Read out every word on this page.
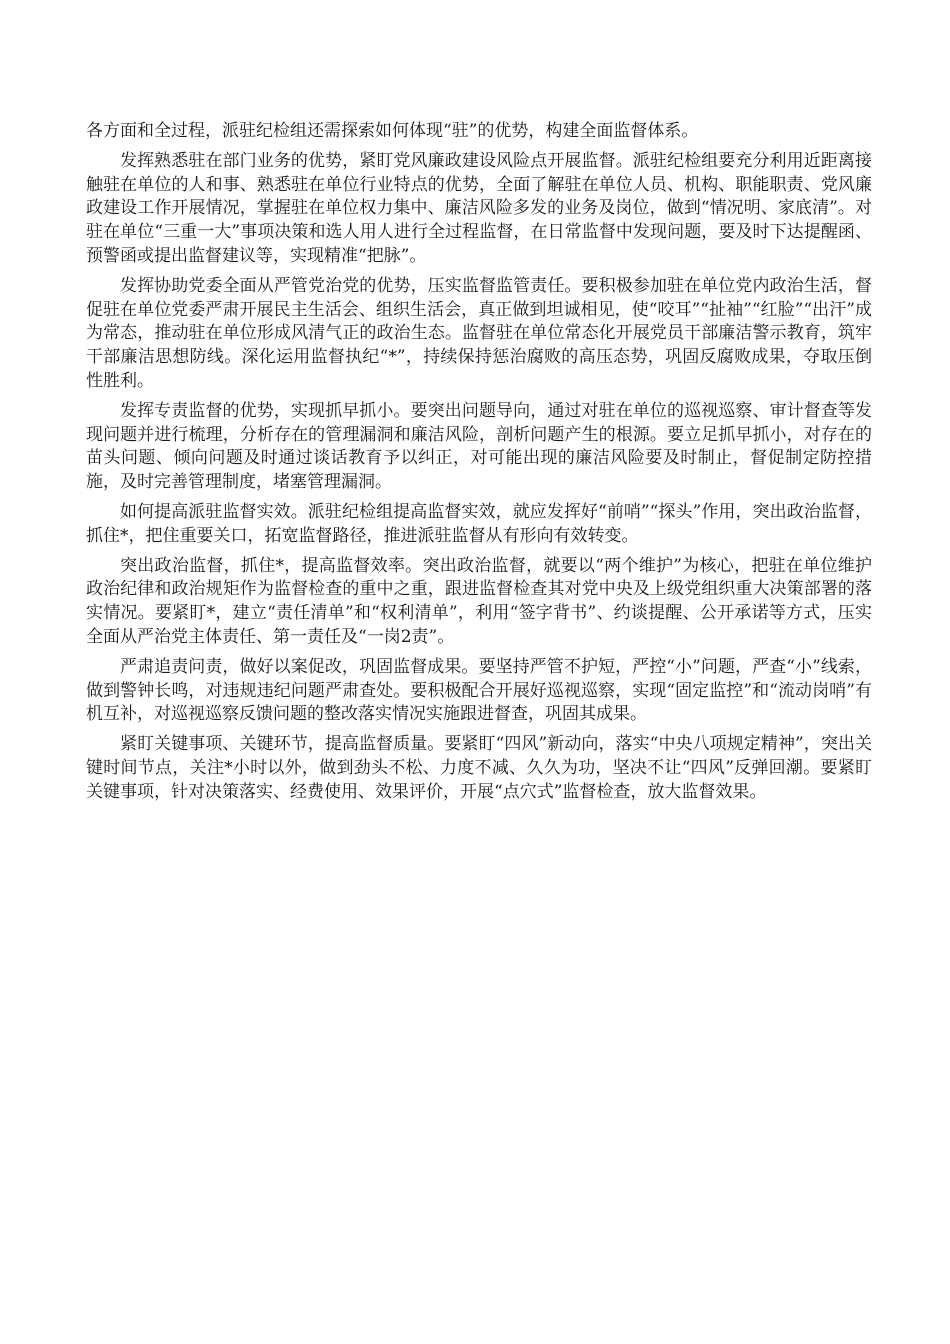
各方面和全过程，派驻纪检组还需探索如何体现“驻”的优势，构建全面监督体系。

发挥熟悉驻在部门业务的优势，紧盯党风廉政建设风险点开展监督。派驻纪检组要充分利用近距离接触驻在单位的人和事、熟悉驻在单位行业特点的优势，全面了解驻在单位人员、机构、职能职责、党风廉政建设工作开展情况，掌握驻在单位权力集中、廉洁风险多发的业务及岗位，做到“情况明、家底清”。对驻在单位“三重一大”事项决策和选人用人进行全过程监督，在日常监督中发现问题，要及时下达提醒函、预警函或提出监督建议等，实现精准“把脉”。

发挥协助党委全面从严管党治党的优势，压实监督监管责任。要积极参加驻在单位党内政治生活，督促驻在单位党委严肃开展民主生活会、组织生活会，真正做到坦诚相见，使“咬耳”“扯袖”“红脸”“出汗”成为常态，推动驻在单位形成风清气正的政治生态。监督驻在单位常态化开展党员干部廉洁警示教育，筑牢干部廉洁思想防线。深化运用监督执纪“*”，持续保持惩治腐败的高压态势，巩固反腐败成果，夺取压倒性胜利。

发挥专责监督的优势，实现抓早抓小。要突出问题导向，通过对驻在单位的巡视巡察、审计督查等发现问题并进行梳理，分析存在的管理漏洞和廉洁风险，剖析问题产生的根源。要立足抓早抓小，对存在的苗头问题、倾向问题及时通过谈话教育予以纠正，对可能出现的廉洁风险要及时制止，督促制定防控措施，及时完善管理制度，堵塞管理漏洞。

如何提高派驻监督实效。派驻纪检组提高监督实效，就应发挥好“前哨”“探头”作用，突出政治监督，抓住*，把住重要关口，拓宽监督路径，推进派驻监督从有形向有效转变。

突出政治监督，抓住*，提高监督效率。突出政治监督，就要以“两个维护”为核心，把驻在单位维护政治纪律和政治规矩作为监督检查的重中之重，跟进监督检查其对党中央及上级党组织重大决策部署的落实情况。要紧盯*，建立“责任清单”和“权利清单”，利用“签字背书”、约谈提醒、公开承诺等方式，压实全面从严治党主体责任、第一责任及“一岗2责”。

严肃追责问责，做好以案促改，巩固监督成果。要坚持严管不护短，严控“小”问题，严查“小”线索，做到警钟长鸣，对违规违纪问题严肃查处。要积极配合开展好巡视巡察，实现“固定监控”和“流动岗哨”有机互补，对巡视巡察反馈问题的整改落实情况实施跟进督查，巩固其成果。

紧盯关键事项、关键环节，提高监督质量。要紧盯“四风”新动向，落实“中央八项规定精神”，突出关键时间节点，关注*小时以外，做到劲头不松、力度不减、久久为功，坚决不让“四风”反弹回潮。要紧盯关键事项，针对决策落实、经费使用、效果评价，开展“点穴式”监督检查，放大监督效果。
